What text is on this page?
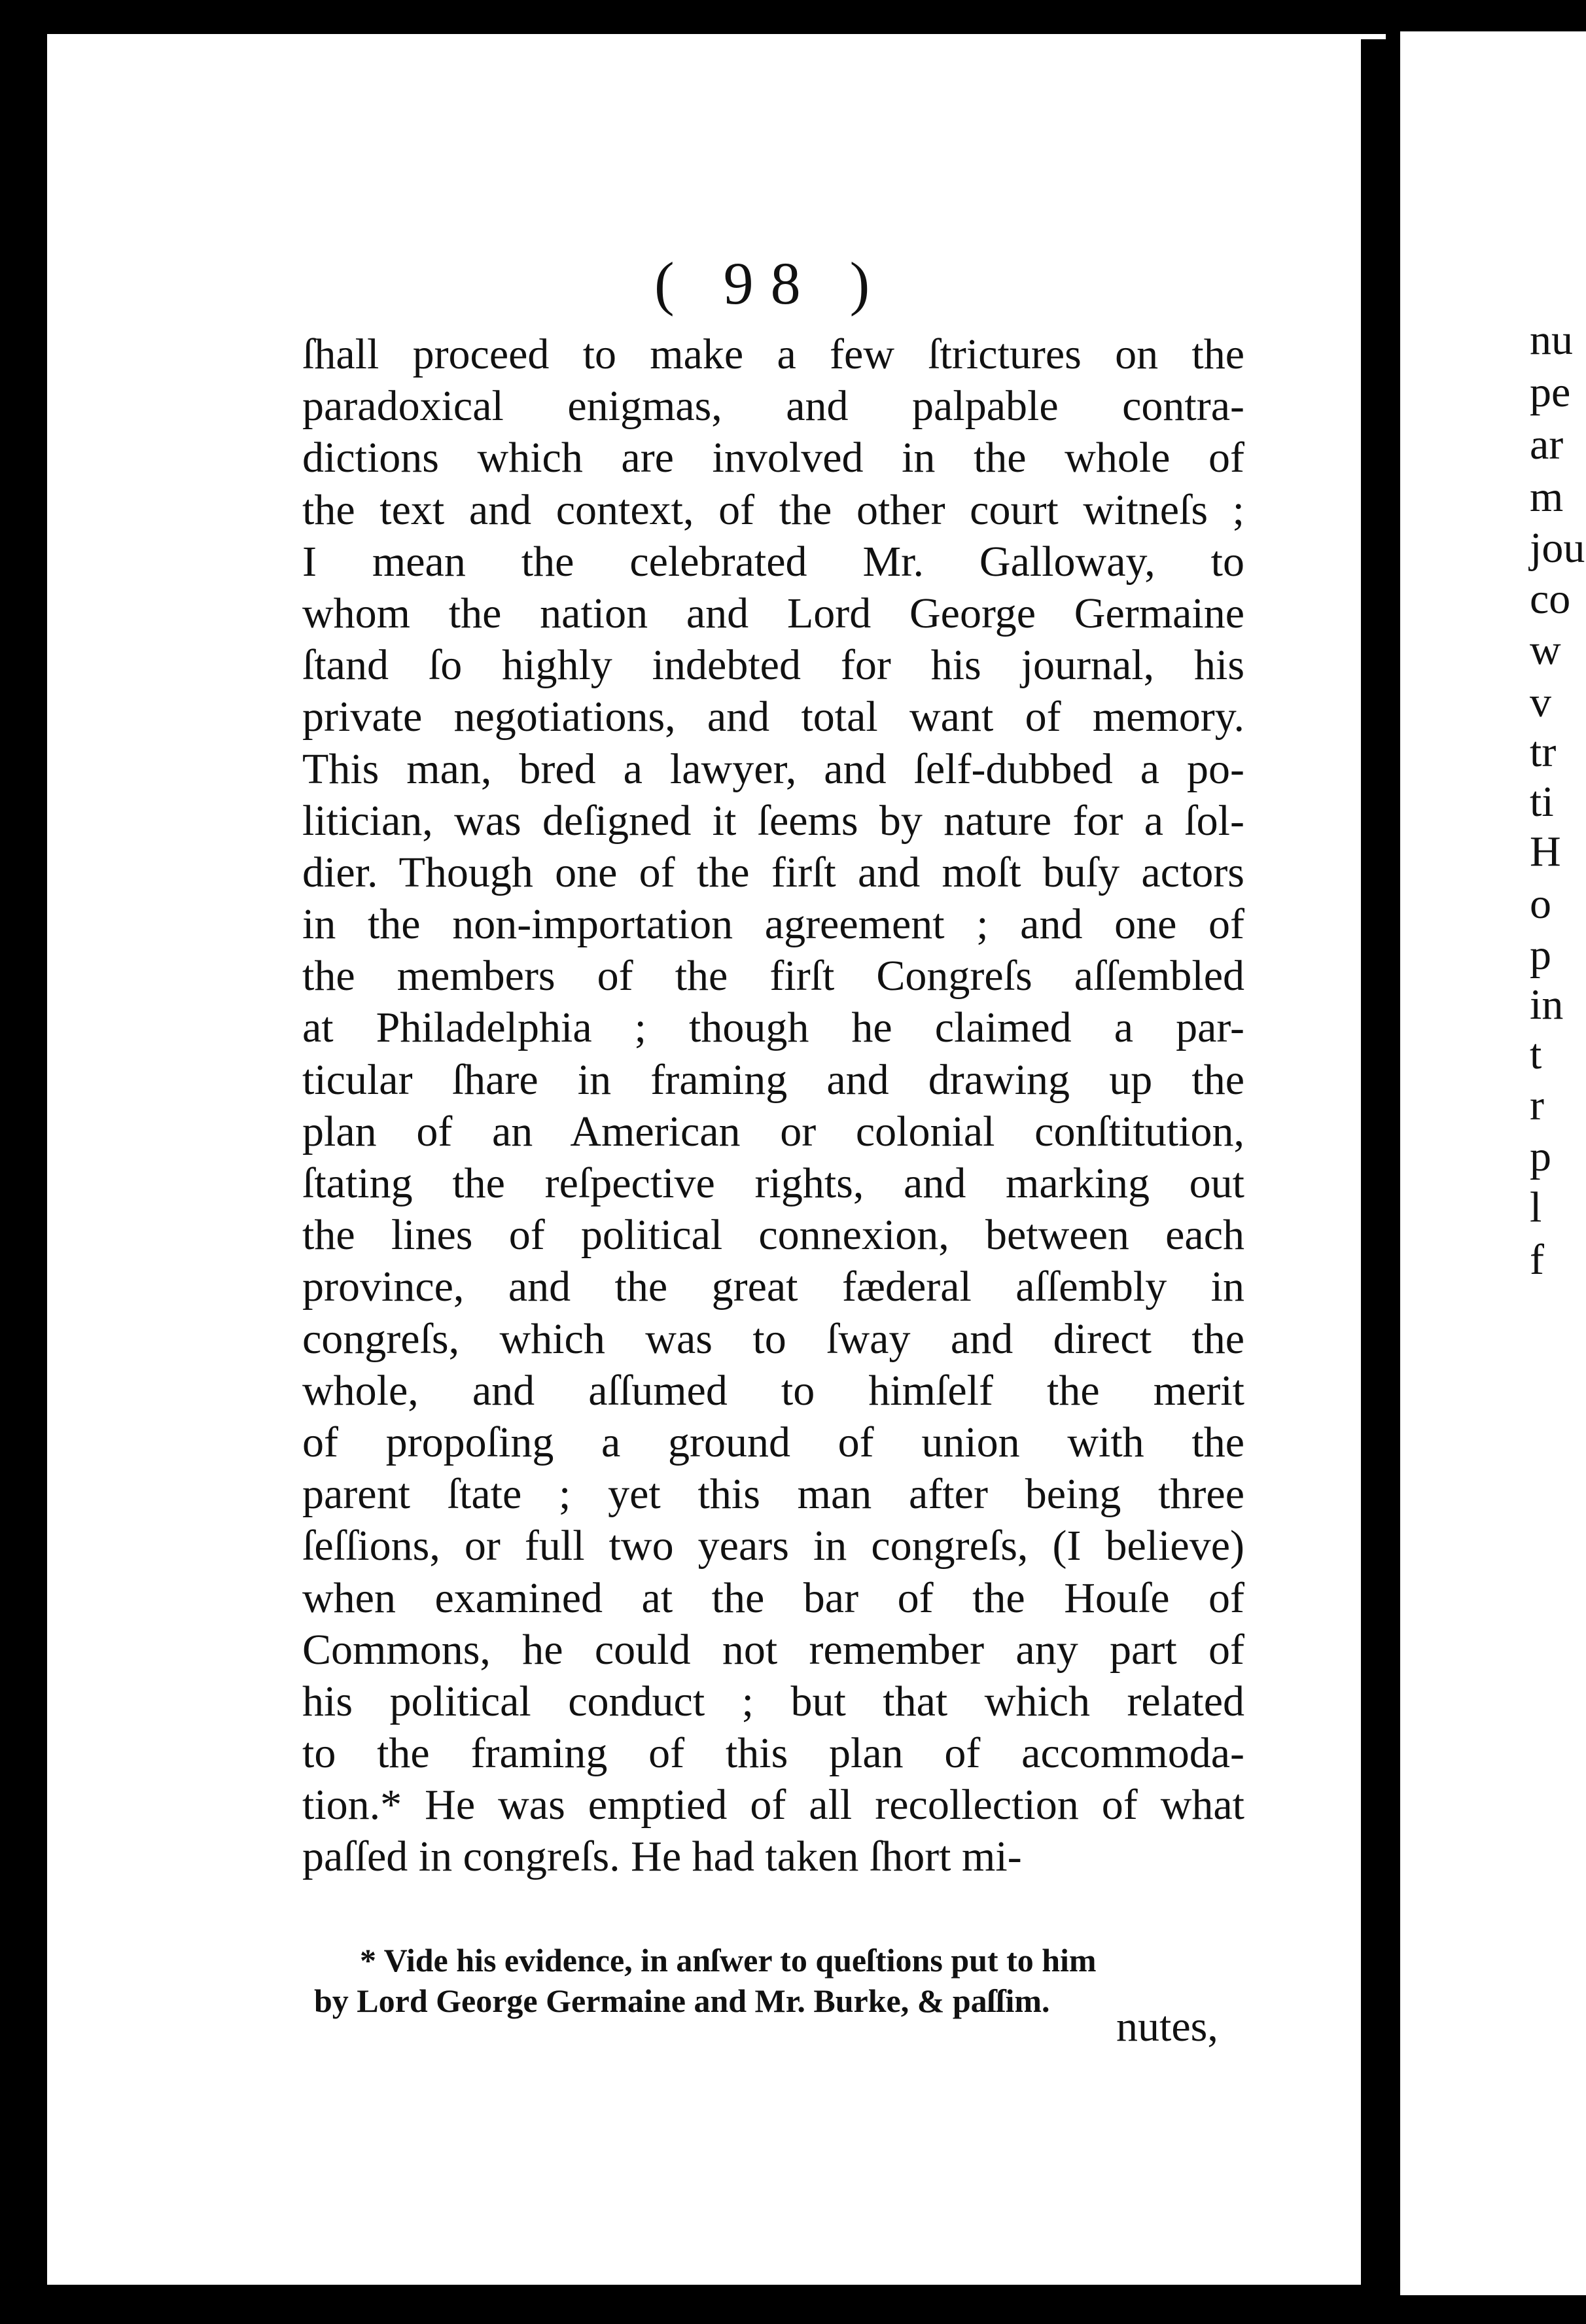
nu
pe
ar
m
jou
co
w
v
tr
ti
H
o
p
in
t
r
p
l
f
( 98 )
ſhall proceed to make a few ſtrictures on the
paradoxical enigmas, and palpable contra-
dictions which are involved in the whole of
the text and context, of the other court witneſs ;
I mean the celebrated Mr. Galloway, to
whom the nation and Lord George Germaine
ſtand ſo highly indebted for his journal, his
private negotiations, and total want of memory.
This man, bred a lawyer, and ſelf-dubbed a po-
litician, was deſigned it ſeems by nature for a ſol-
dier. Though one of the firſt and moſt buſy actors
in the non-importation agreement ; and one of
the members of the firſt Congreſs aſſembled
at Philadelphia ; though he claimed a par-
ticular ſhare in framing and drawing up the
plan of an American or colonial conſtitution,
ſtating the reſpective rights, and marking out
the lines of political connexion, between each
province, and the great fæderal aſſembly in
congreſs, which was to ſway and direct the
whole, and aſſumed to himſelf the merit
of propoſing a ground of union with the
parent ſtate ; yet this man after being three
ſeſſions, or full two years in congreſs, (I believe)
when examined at the bar of the Houſe of
Commons, he could not remember any part of
his political conduct ; but that which related
to the framing of this plan of accommoda-
tion.* He was emptied of all recollection of what
paſſed in congreſs. He had taken ſhort mi-
* Vide his evidence, in anſwer to queſtions put to him
by Lord George Germaine and Mr. Burke, & paſſim.
nutes,
